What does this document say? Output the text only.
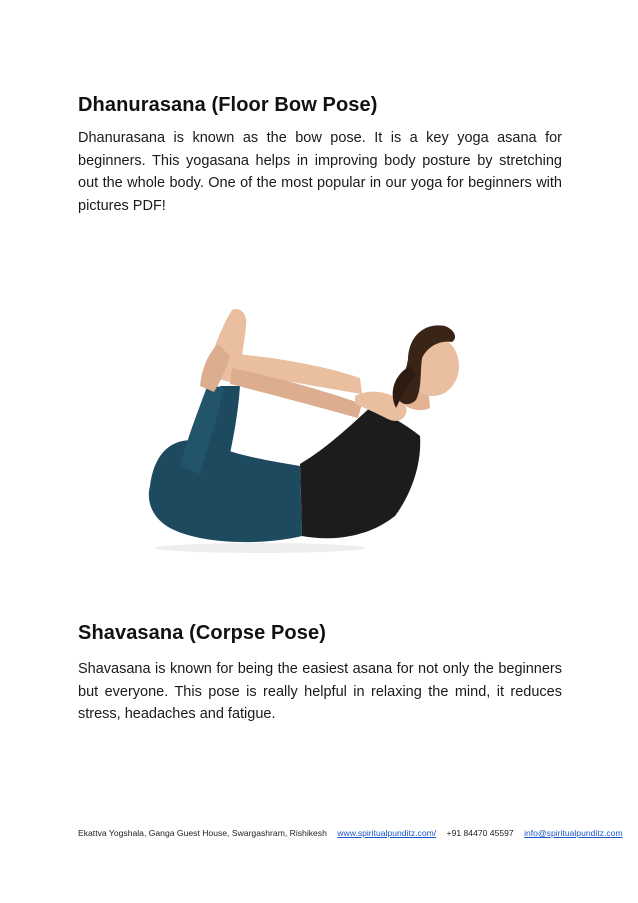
Dhanurasana (Floor Bow Pose)

Dhanurasana is known as the bow pose. It is a key yoga asana for beginners. This yogasana helps in improving body posture by stretching out the whole body. One of the most popular in our yoga for beginners with pictures PDF!

Shavasana (Corpse Pose)

Shavasana is known for being the easiest asana for not only the beginners but everyone. This pose is really helpful in relaxing the mind, it reduces stress, headaches and fatigue.

Ekattva Yogshala, Ganga Guest House, Swargashram, Rishikesh www.spiritualpunditz.com/ +91 84470 45597 info@spiritualpunditz.com
